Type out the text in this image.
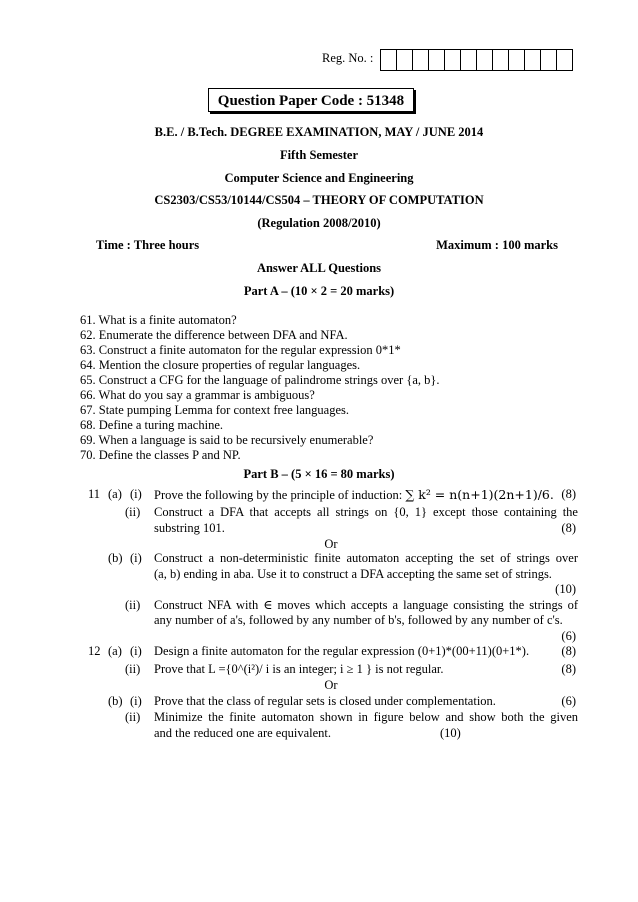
Reg. No. :
Question Paper Code : 51348
B.E. / B.Tech. DEGREE EXAMINATION, MAY / JUNE 2014
Fifth Semester
Computer Science and Engineering
CS2303/CS53/10144/CS504 – THEORY OF COMPUTATION
(Regulation 2008/2010)
Time : Three hours	Maximum : 100 marks
Answer ALL Questions
Part A – (10 × 2 = 20 marks)
61. What is a finite automaton?
62. Enumerate the difference between DFA and NFA.
63. Construct a finite automaton for the regular expression 0*1*
64. Mention the closure properties of regular languages.
65. Construct a CFG for the language of palindrome strings over {a, b}.
66. What do you say a grammar is ambiguous?
67. State pumping Lemma for context free languages.
68. Define a turing machine.
69. When a language is said to be recursively enumerable?
70. Define the classes P and NP.
Part B – (5 × 16 = 80 marks)
11 (a) (i) Prove the following by the principle of induction: ∑ k² = n(n+1)(2n+1)/6. (8)
(ii) Construct a DFA that accepts all strings on {0, 1} except those containing the
substring 101.	(8)
Or
(b) (i) Construct a non-deterministic finite automaton accepting the set of strings over
(a, b) ending in aba. Use it to construct a DFA accepting the same set of strings.
(10)
(ii) Construct NFA with ∈ moves which accepts a language consisting the strings of
any number of a's, followed by any number of b's, followed by any number of c's.
(6)
12 (a) (i) Design a finite automaton for the regular expression (0+1)*(00+11)(0+1*).	(8)
(ii) Prove that L ={0^(i²)/ i is an integer; i ≥ 1 } is not regular.	(8)
Or
(b) (i) Prove that the class of regular sets is closed under complementation.	(6)
(ii) Minimize the finite automaton shown in figure below and show both the given
and the reduced one are equivalent.	(10)
